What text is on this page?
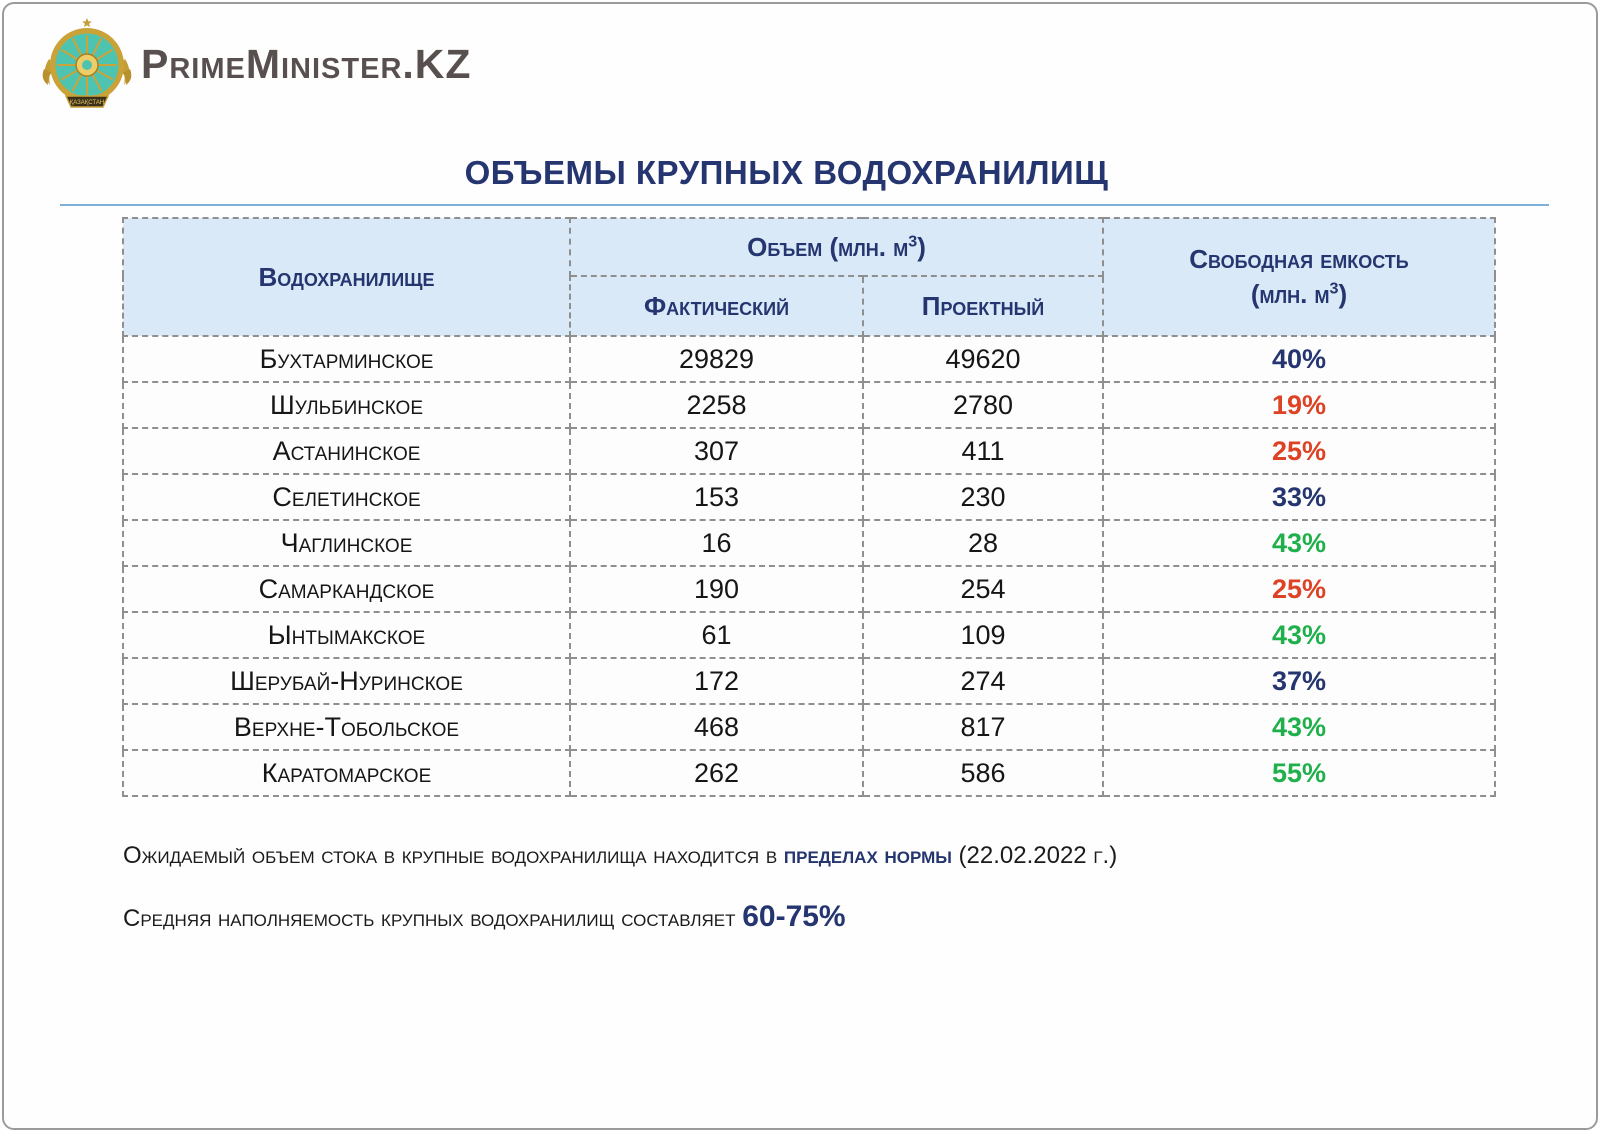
ҚАЗАҚСТАН
PrimeMinister.KZ
ОБЪЕМЫ КРУПНЫХ ВОДОХРАНИЛИЩ
Водохранилище	Объем (млн. $м^3$)		Свободная емкость
(млн. $м^3$)

	Фактический	Проектный	
Бухтарминское	29829	49620	40%
Шульбинское	2258	2780	19%
Астанинское	307	411	25%
Селетинское	153	230	33%
Чаглинское	16	28	43%
Самаркандское	190	254	25%
Ынтымакское	61	109	43%
Шерубай-Нуринское	172	274	37%
Верхне-Тобольское	468	817	43%
Каратомарское	262	586	55%
Ожидаемый объем стока в крупные водохранилища находится в пределах нормы (22.02.2022 г.)
Средняя наполняемость крупных водохранилищ составляет 60-75%
